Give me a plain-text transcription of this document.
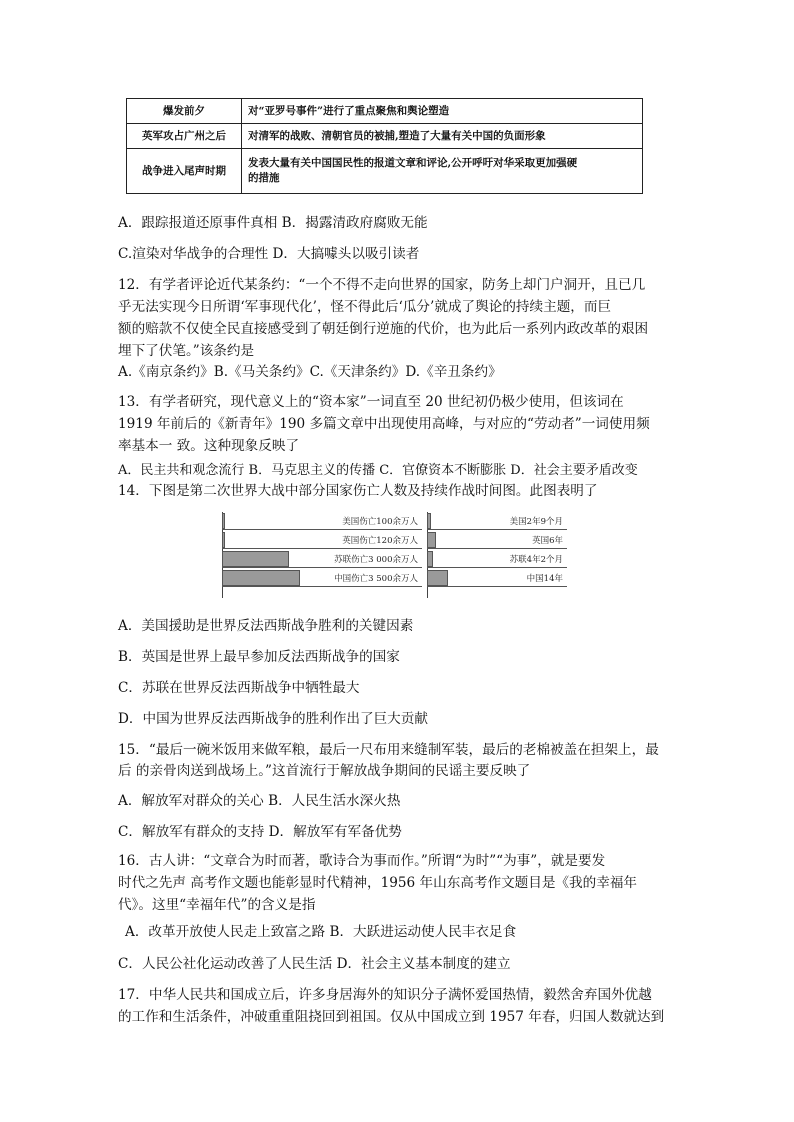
爆发前夕	对“亚罗号事件”进行了重点聚焦和舆论塑造
英军攻占广州之后	对清军的战败、清朝官员的被捕,塑造了大量有关中国的负面形象
战争进入尾声时期	发表大量有关中国国民性的报道文章和评论,公开呼吁对华采取更加强硬
的措施
A．跟踪报道还原事件真相 B．揭露清政府腐败无能
C.渲染对华战争的合理性 D．大搞噱头以吸引读者
12．有学者评论近代某条约：“一个不得不走向世界的国家，防务上却门户洞开，且已几
乎无法实现今日所谓‘军事现代化’，怪不得此后‘瓜分’就成了舆论的持续主题，而巨
额的赔款不仅使全民直接感受到了朝廷倒行逆施的代价，也为此后一系列内政改革的艰困
埋下了伏笔。”该条约是
A.《南京条约》B.《马关条约》C.《天津条约》D.《辛丑条约》
13．有学者研究，现代意义上的“资本家”一词直至 20 世纪初仍极少使用，但该词在
1919 年前后的《新青年》190 多篇文章中出现使用高峰，与对应的“劳动者”一词使用频
率基本一 致。这种现象反映了
A．民主共和观念流行 B．马克思主义的传播 C．官僚资本不断膨胀 D．社会主要矛盾改变
14．下图是第二次世界大战中部分国家伤亡人数及持续作战时间图。此图表明了
美国伤亡100余万人
英国伤亡120余万人
苏联伤亡3 000余万人
中国伤亡3 500余万人
美国2年9个月
英国6年
苏联4年2个月
中国14年
A．美国援助是世界反法西斯战争胜利的关键因素
B．英国是世界上最早参加反法西斯战争的国家
C．苏联在世界反法西斯战争中牺牲最大
D．中国为世界反法西斯战争的胜利作出了巨大贡献
15．“最后一碗米饭用来做军粮，最后一尺布用来缝制军装，最后的老棉被盖在担架上，最
后 的亲骨肉送到战场上。”这首流行于解放战争期间的民谣主要反映了
A．解放军对群众的关心 B．人民生活水深火热
C．解放军有群众的支持 D．解放军有军备优势
16．古人讲：“文章合为时而著，歌诗合为事而作。”所谓“为时”“为事”，就是要发
时代之先声 高考作文题也能彰显时代精神，1956 年山东高考作文题目是《我的幸福年
代》。这里“幸福年代”的含义是指
A．改革开放使人民走上致富之路 B．大跃进运动使人民丰衣足食
C．人民公社化运动改善了人民生活 D．社会主义基本制度的建立
17．中华人民共和国成立后，许多身居海外的知识分子满怀爱国热情，毅然舍弃国外优越
的工作和生活条件，冲破重重阻挠回到祖国。仅从中国成立到 1957 年春，归国人数就达到
